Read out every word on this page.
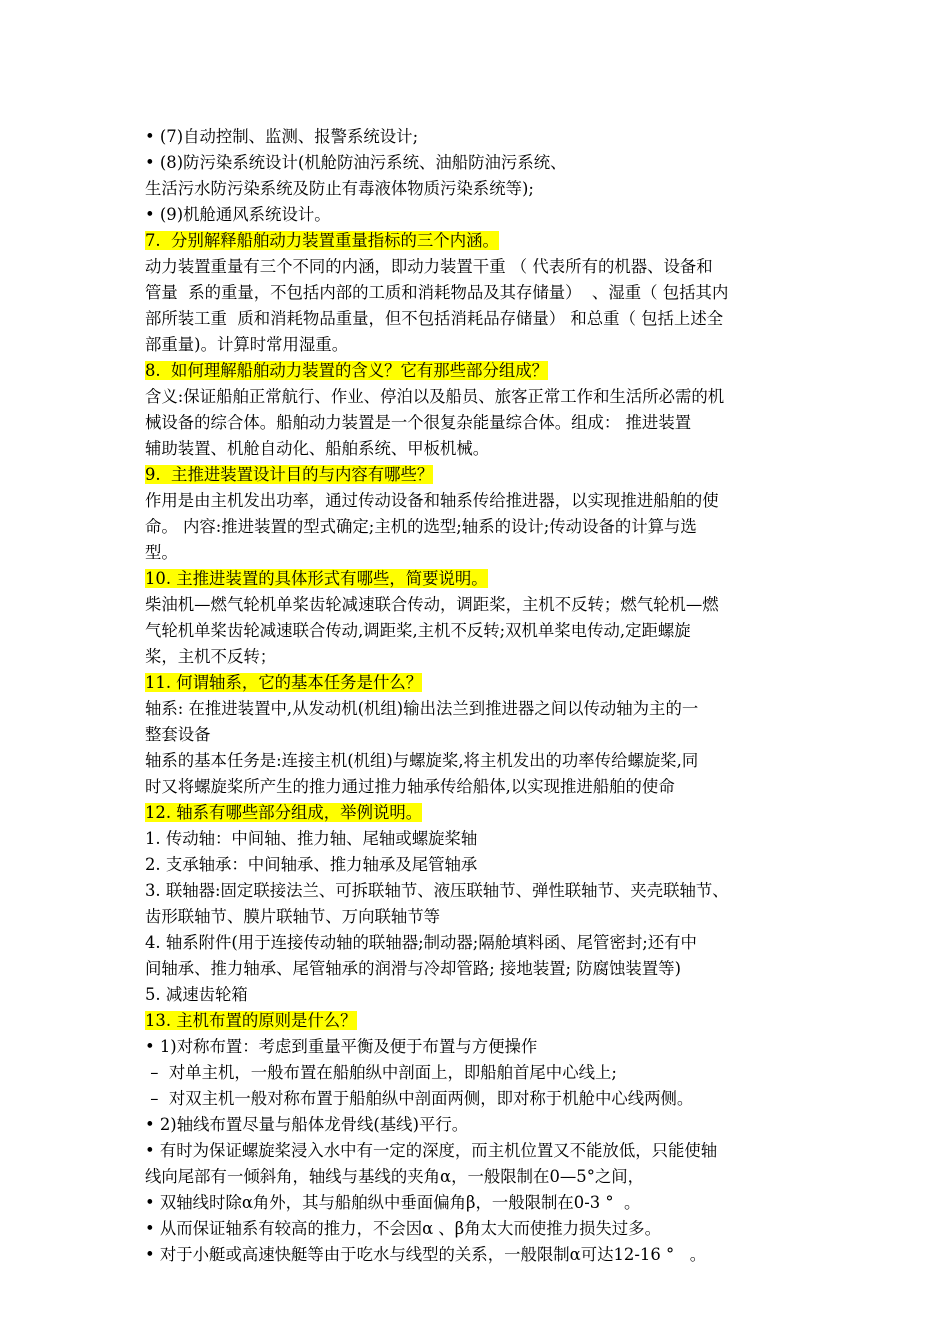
• (7)自动控制、监测、报警系统设计;
• (8)防污染系统设计(机舱防油污系统、油船防油污系统、
生活污水防污染系统及防止有毒液体物质污染系统等);
• (9)机舱通风系统设计。
7.  分别解释船舶动力装置重量指标的三个内涵。
动力装置重量有三个不同的内涵，即动力装置干重 （ 代表所有的机器、设备和
管量  系的重量，不包括内部的工质和消耗物品及其存储量）  、湿重（ 包括其内
部所装工重  质和消耗物品重量，但不包括消耗品存储量） 和总重（ 包括上述全
部重量)。计算时常用湿重。
8.  如何理解船舶动力装置的含义？它有那些部分组成？
含义:保证船舶正常航行、作业、停泊以及船员、旅客正常工作和生活所必需的机
械设备的综合体。船舶动力装置是一个很复杂能量综合体。组成： 推进装置
辅助装置、机舱自动化、船舶系统、甲板机械。
9.  主推进装置设计目的与内容有哪些？
作用是由主机发出功率，通过传动设备和轴系传给推进器，以实现推进船舶的使
命。 内容:推进装置的型式确定;主机的选型;轴系的设计;传动设备的计算与选
型。
10. 主推进装置的具体形式有哪些，简要说明。
柴油机—燃气轮机单桨齿轮减速联合传动，调距桨，主机不反转；燃气轮机—燃
气轮机单桨齿轮减速联合传动,调距桨,主机不反转;双机单桨电传动,定距螺旋
桨，主机不反转；
11. 何谓轴系，它的基本任务是什么？
轴系: 在推进装置中,从发动机(机组)输出法兰到推进器之间以传动轴为主的一
整套设备
轴系的基本任务是:连接主机(机组)与螺旋桨,将主机发出的功率传给螺旋桨,同
时又将螺旋桨所产生的推力通过推力轴承传给船体,以实现推进船舶的使命
12. 轴系有哪些部分组成，举例说明。
1. 传动轴：中间轴、推力轴、尾轴或螺旋桨轴
2. 支承轴承：中间轴承、推力轴承及尾管轴承
3. 联轴器:固定联接法兰、可拆联轴节、液压联轴节、弹性联轴节、夹壳联轴节、
齿形联轴节、膜片联轴节、万向联轴节等
4. 轴系附件(用于连接传动轴的联轴器;制动器;隔舱填料函、尾管密封;还有中
间轴承、推力轴承、尾管轴承的润滑与冷却管路; 接地装置; 防腐蚀装置等)
5. 减速齿轮箱
13. 主机布置的原则是什么？
• 1)对称布置：考虑到重量平衡及便于布置与方便操作
–  对单主机，一般布置在船舶纵中剖面上，即船舶首尾中心线上;
–  对双主机一般对称布置于船舶纵中剖面两侧，即对称于机舱中心线两侧。
• 2)轴线布置尽量与船体龙骨线(基线)平行。
• 有时为保证螺旋桨浸入水中有一定的深度，而主机位置又不能放低，只能使轴
线向尾部有一倾斜角，轴线与基线的夹角α，一般限制在0—5°之间，
• 双轴线时除α角外，其与船舶纵中垂面偏角β，一般限制在0-3 °  。
• 从而保证轴系有较高的推力，不会因α 、β角太大而使推力损失过多。
• 对于小艇或高速快艇等由于吃水与线型的关系，一般限制α可达12-16 °   。
